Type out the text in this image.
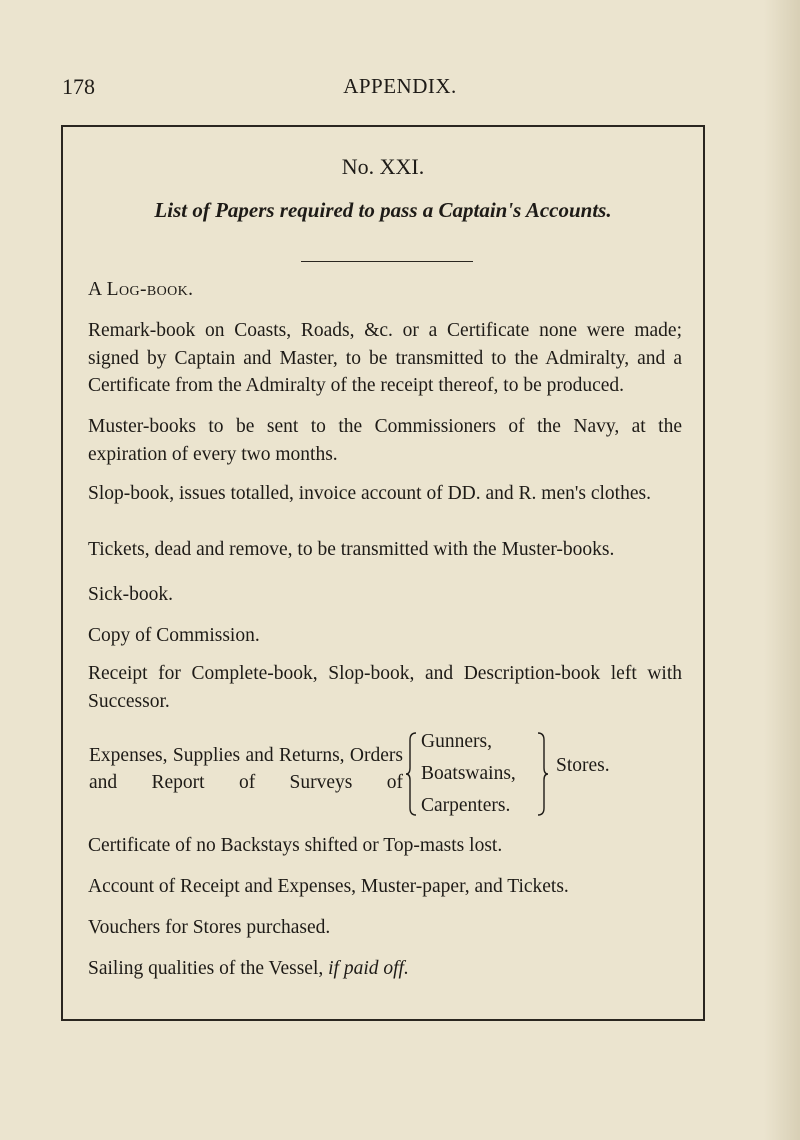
178	APPENDIX.
No. XXI.
List of Papers required to pass a Captain's Accounts.
A Log-book.
Remark-book on Coasts, Roads, &c. or a Certificate none were made; signed by Captain and Master, to be transmitted to the Admiralty, and a Certificate from the Admiralty of the receipt thereof, to be produced.
Muster-books to be sent to the Commissioners of the Navy, at the expiration of every two months.
Slop-book, issues totalled, invoice account of DD. and R. men's clothes.
Tickets, dead and remove, to be transmitted with the Muster-books.
Sick-book.
Copy of Commission.
Receipt for Complete-book, Slop-book, and Description-book left with Successor.
Expenses, Supplies and Returns, Orders and Report of Surveys of
Gunners,
Boatswains,
Carpenters.
Stores.
Certificate of no Backstays shifted or Top-masts lost.
Account of Receipt and Expenses, Muster-paper, and Tickets.
Vouchers for Stores purchased.
Sailing qualities of the Vessel, if paid off.
